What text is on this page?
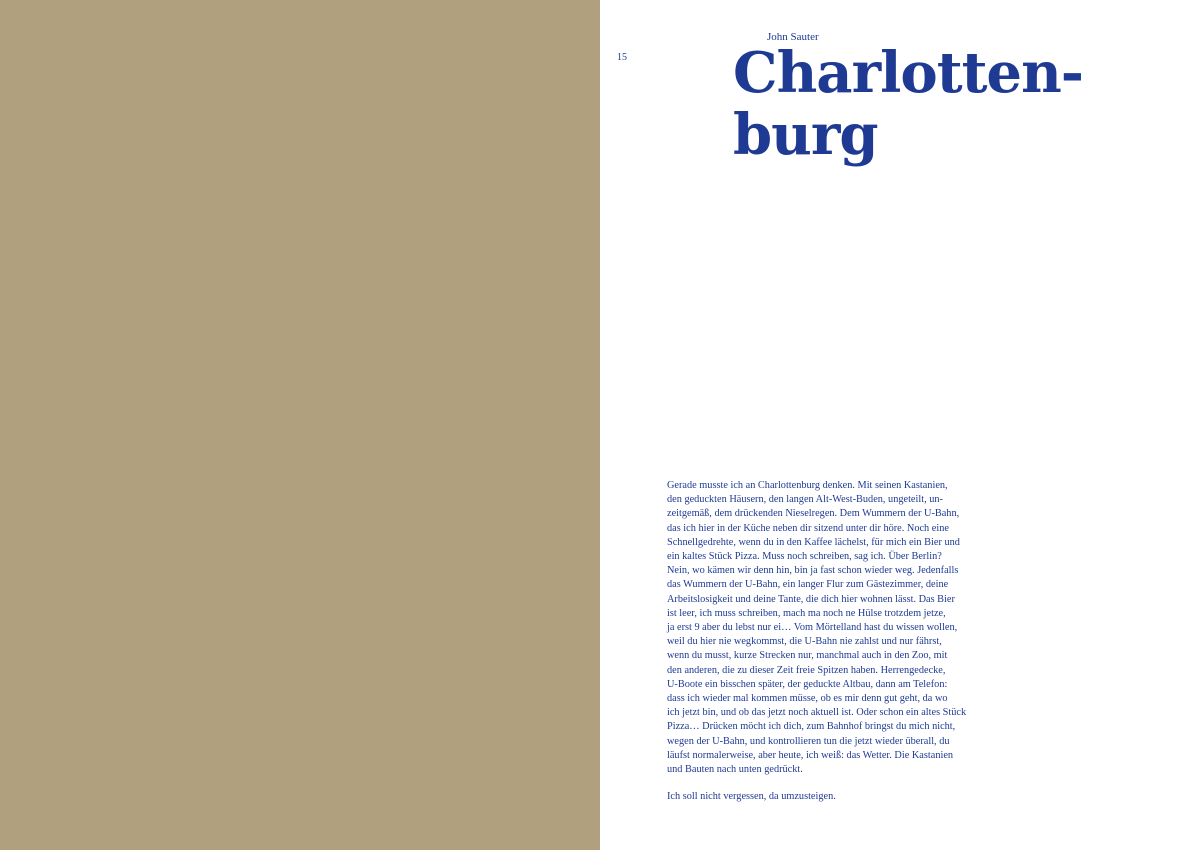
15
John Sauter
Charlotten-
burg
Gerade musste ich an Charlottenburg denken. Mit seinen Kastanien,
den geduckten Häusern, den langen Alt-West-Buden, ungeteilt, un-
zeitgemäß, dem drückenden Nieselregen. Dem Wummern der U-Bahn,
das ich hier in der Küche neben dir sitzend unter dir höre. Noch eine
Schnellgedrehte, wenn du in den Kaffee lächelst, für mich ein Bier und
ein kaltes Stück Pizza. Muss noch schreiben, sag ich. Über Berlin?
Nein, wo kämen wir denn hin, bin ja fast schon wieder weg. Jedenfalls
das Wummern der U-Bahn, ein langer Flur zum Gästezimmer, deine
Arbeitslosigkeit und deine Tante, die dich hier wohnen lässt. Das Bier
ist leer, ich muss schreiben, mach ma noch ne Hülse trotzdem jetze,
ja erst 9 aber du lebst nur ei… Vom Mörtelland hast du wissen wollen,
weil du hier nie wegkommst, die U-Bahn nie zahlst und nur fährst,
wenn du musst, kurze Strecken nur, manchmal auch in den Zoo, mit
den anderen, die zu dieser Zeit freie Spitzen haben. Herrengedecke,
U-Boote ein bisschen später, der geduckte Altbau, dann am Telefon:
dass ich wieder mal kommen müsse, ob es mir denn gut geht, da wo
ich jetzt bin, und ob das jetzt noch aktuell ist. Oder schon ein altes Stück
Pizza… Drücken möcht ich dich, zum Bahnhof bringst du mich nicht,
wegen der U-Bahn, und kontrollieren tun die jetzt wieder überall, du
läufst normalerweise, aber heute, ich weiß: das Wetter. Die Kastanien
und Bauten nach unten gedrückt.
Ich soll nicht vergessen, da umzusteigen.
